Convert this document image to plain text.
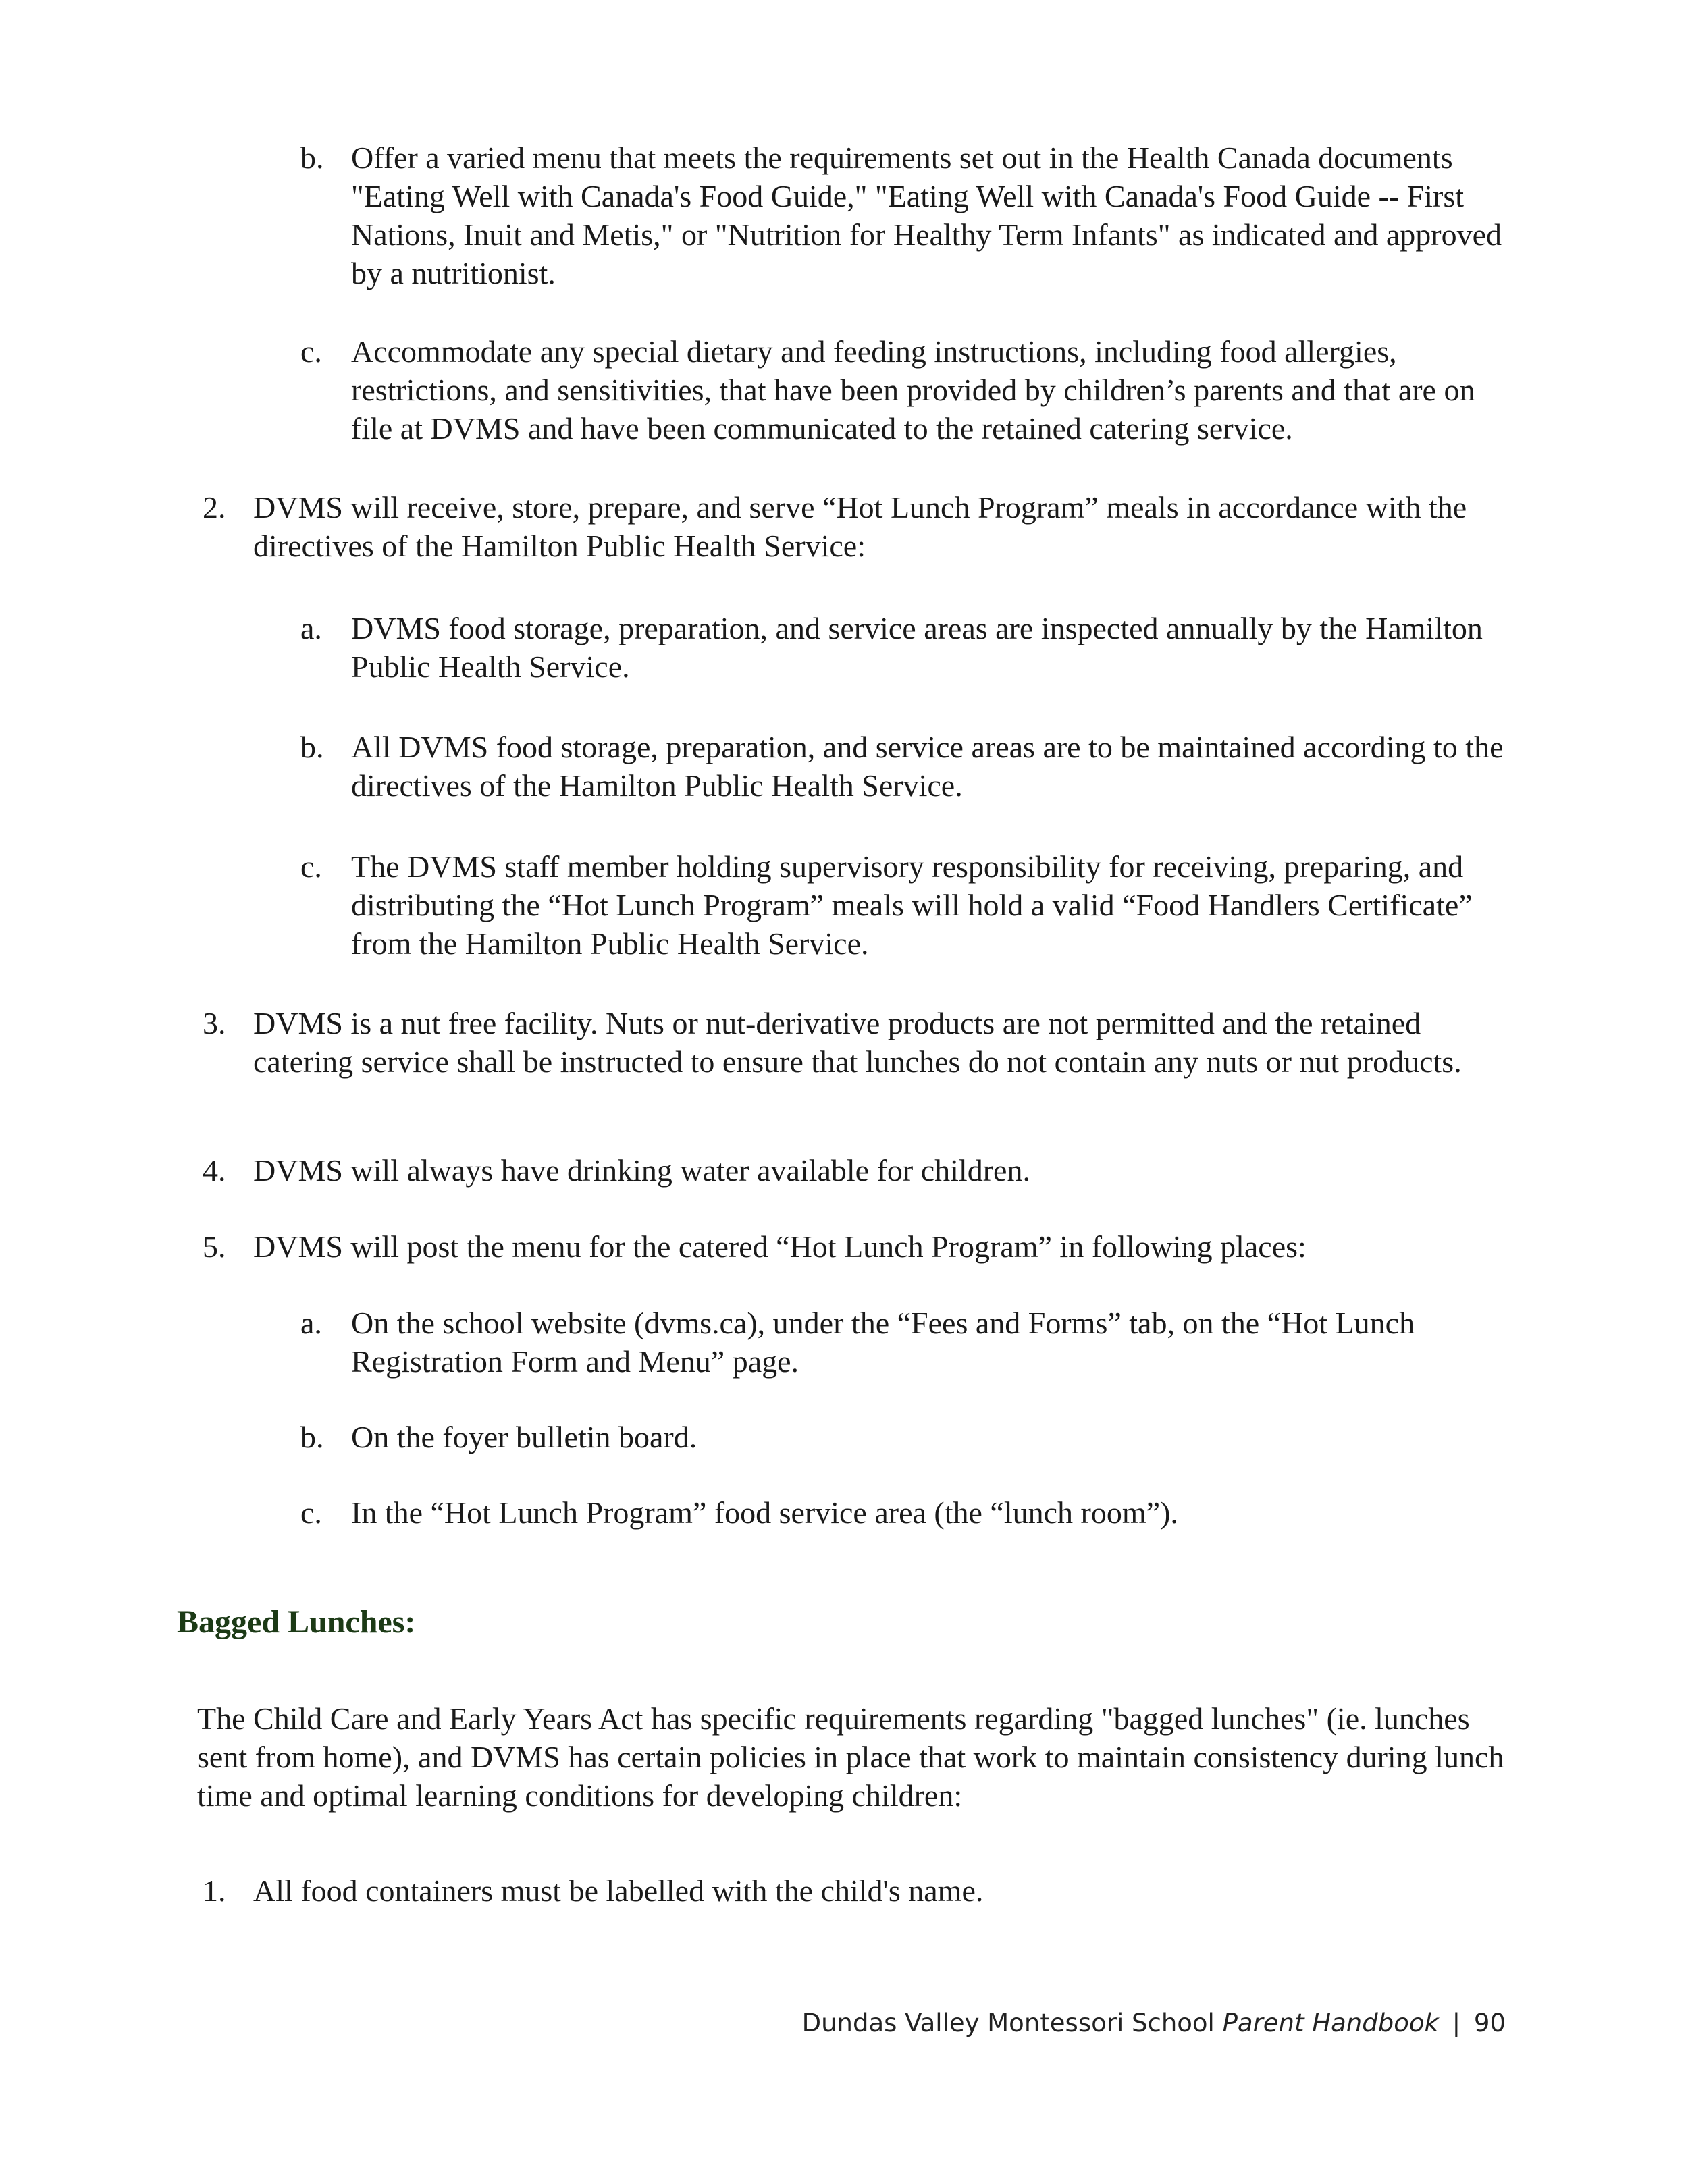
b. Offer a varied menu that meets the requirements set out in the Health Canada documents "Eating Well with Canada's Food Guide," "Eating Well with Canada's Food Guide -- First Nations, Inuit and Metis," or "Nutrition for Healthy Term Infants" as indicated and approved by a nutritionist.
c. Accommodate any special dietary and feeding instructions, including food allergies, restrictions, and sensitivities, that have been provided by children’s parents and that are on file at DVMS and have been communicated to the retained catering service.
2. DVMS will receive, store, prepare, and serve “Hot Lunch Program” meals in accordance with the directives of the Hamilton Public Health Service:
a. DVMS food storage, preparation, and service areas are inspected annually by the Hamilton Public Health Service.
b. All DVMS food storage, preparation, and service areas are to be maintained according to the directives of the Hamilton Public Health Service.
c. The DVMS staff member holding supervisory responsibility for receiving, preparing, and distributing the “Hot Lunch Program” meals will hold a valid “Food Handlers Certificate” from the Hamilton Public Health Service.
3. DVMS is a nut free facility. Nuts or nut-derivative products are not permitted and the retained catering service shall be instructed to ensure that lunches do not contain any nuts or nut products.
4. DVMS will always have drinking water available for children.
5. DVMS will post the menu for the catered “Hot Lunch Program” in following places:
a. On the school website (dvms.ca), under the “Fees and Forms” tab, on the “Hot Lunch Registration Form and Menu” page.
b. On the foyer bulletin board.
c. In the “Hot Lunch Program” food service area (the “lunch room”).
Bagged Lunches:
The Child Care and Early Years Act has specific requirements regarding "bagged lunches" (ie. lunches sent from home), and DVMS has certain policies in place that work to maintain consistency during lunch time and optimal learning conditions for developing children:
1. All food containers must be labelled with the child's name.
Dundas Valley Montessori School Parent Handbook | 90
